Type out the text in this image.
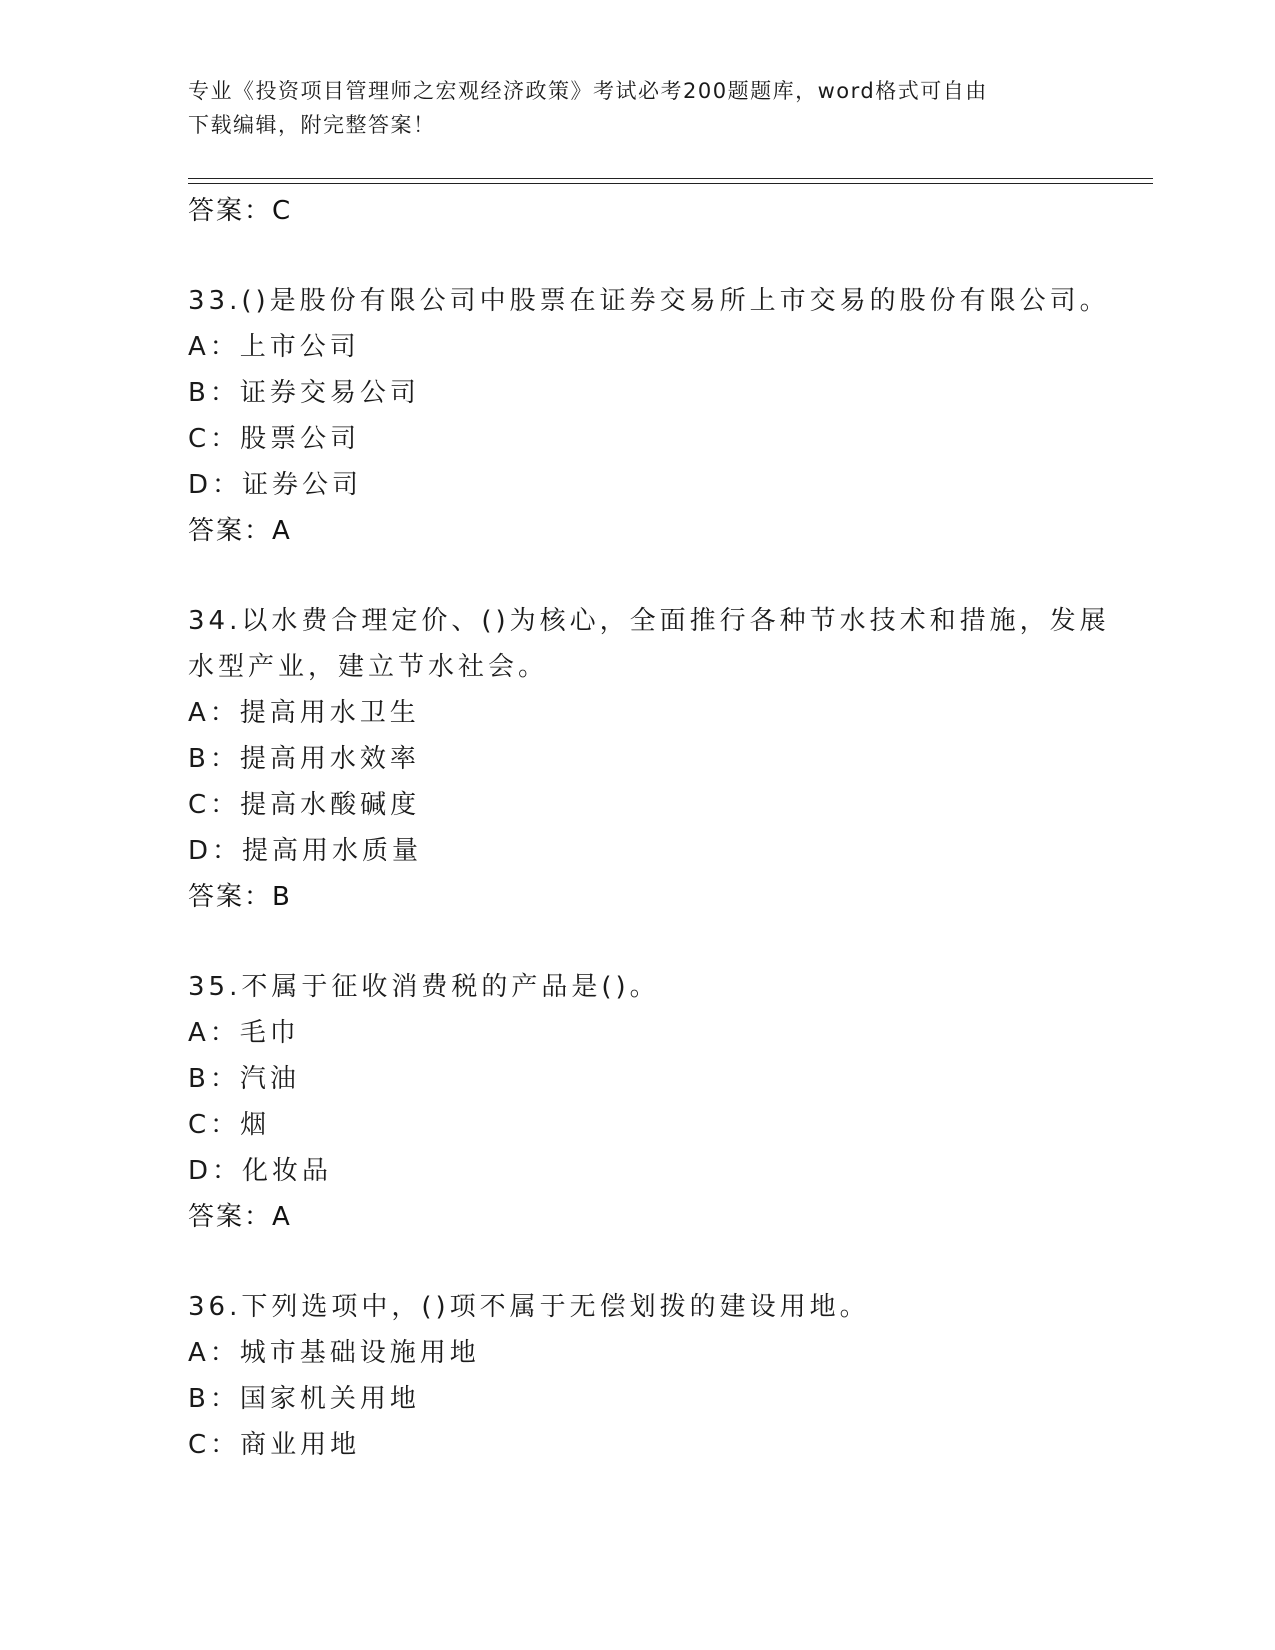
专业《投资项目管理师之宏观经济政策》考试必考200题题库，word格式可自由
下载编辑，附完整答案！
答案：C
33.()是股份有限公司中股票在证券交易所上市交易的股份有限公司。
A：上市公司
B：证券交易公司
C：股票公司
D：证券公司
答案：A
34.以水费合理定价、()为核心，全面推行各种节水技术和措施，发展
水型产业，建立节水社会。
A：提高用水卫生
B：提高用水效率
C：提高水酸碱度
D：提高用水质量
答案：B
35.不属于征收消费税的产品是()。
A：毛巾
B：汽油
C：烟
D：化妆品
答案：A
36.下列选项中，()项不属于无偿划拨的建设用地。
A：城市基础设施用地
B：国家机关用地
C：商业用地
